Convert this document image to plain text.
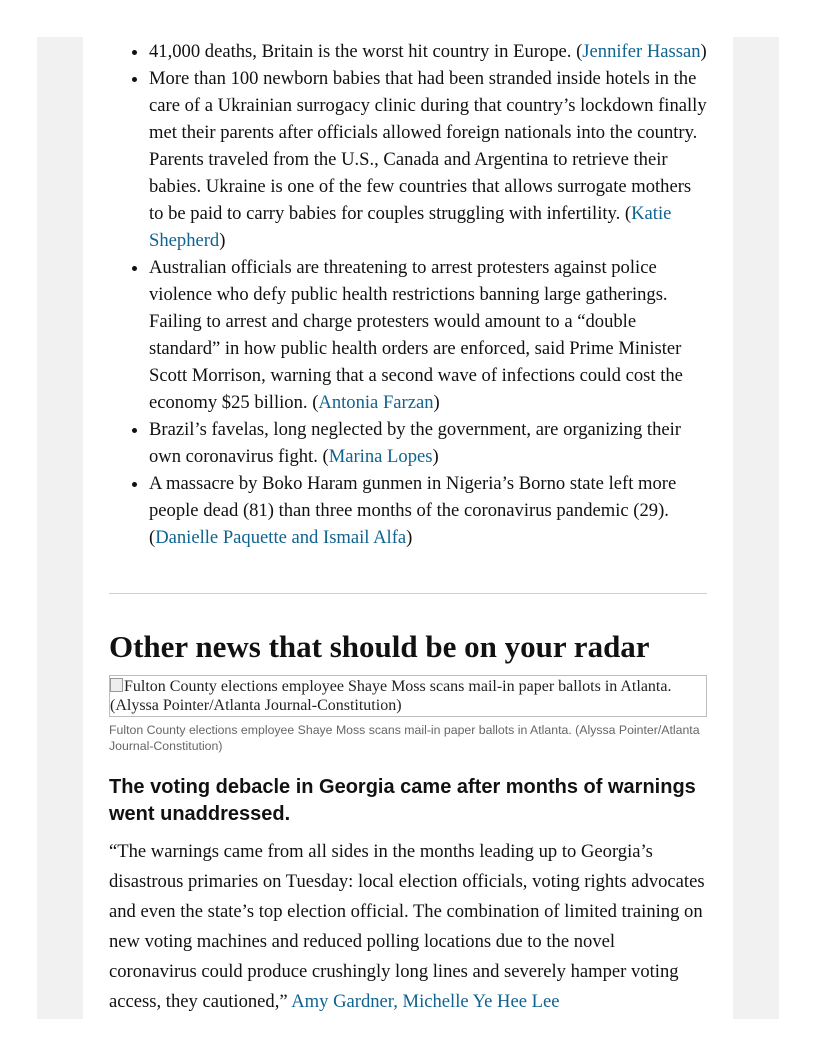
• 41,000 deaths, Britain is the worst hit country in Europe. (Jennifer Hassan)
• More than 100 newborn babies that had been stranded inside hotels in the care of a Ukrainian surrogacy clinic during that country’s lockdown finally met their parents after officials allowed foreign nationals into the country. Parents traveled from the U.S., Canada and Argentina to retrieve their babies. Ukraine is one of the few countries that allows surrogate mothers to be paid to carry babies for couples struggling with infertility. (Katie Shepherd)
• Australian officials are threatening to arrest protesters against police violence who defy public health restrictions banning large gatherings. Failing to arrest and charge protesters would amount to a “double standard” in how public health orders are enforced, said Prime Minister Scott Morrison, warning that a second wave of infections could cost the economy $25 billion. (Antonia Farzan)
• Brazil’s favelas, long neglected by the government, are organizing their own coronavirus fight. (Marina Lopes)
• A massacre by Boko Haram gunmen in Nigeria’s Borno state left more people dead (81) than three months of the coronavirus pandemic (29). (Danielle Paquette and Ismail Alfa)
Other news that should be on your radar
Fulton County elections employee Shaye Moss scans mail-in paper ballots in Atlanta. (Alyssa Pointer/Atlanta Journal-Constitution)

Fulton County elections employee Shaye Moss scans mail-in paper ballots in Atlanta. (Alyssa Pointer/Atlanta Journal-Constitution)

The voting debacle in Georgia came after months of warnings went unaddressed.

“The warnings came from all sides in the months leading up to Georgia’s disastrous primaries on Tuesday: local election officials, voting rights advocates and even the state’s top election official. The combination of limited training on new voting machines and reduced polling locations due to the novel coronavirus could produce crushingly long lines and severely hamper voting access, they cautioned,” Amy Gardner, Michelle Ye Hee Lee
